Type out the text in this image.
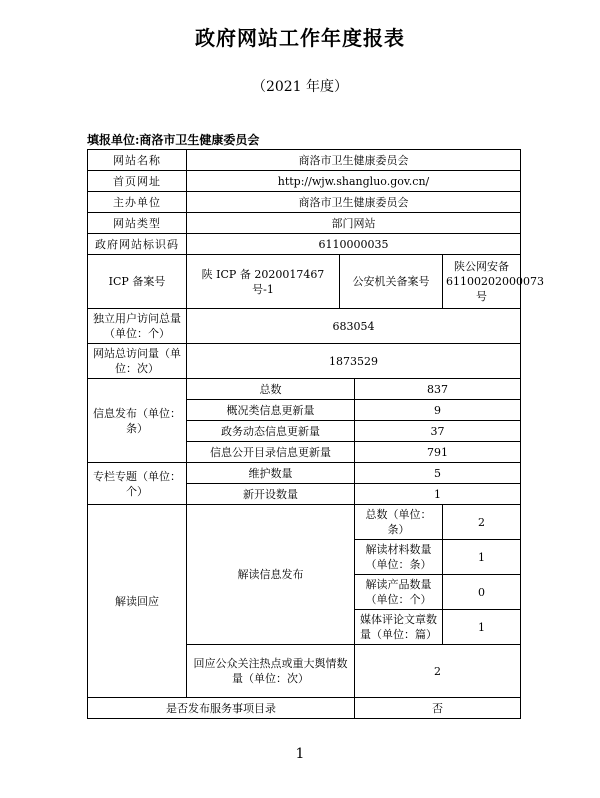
政府网站工作年度报表
（2021 年度）
填报单位:商洛市卫生健康委员会
网站名称	商洛市卫生健康委员会			
首页网址	http://wjw.shangluo.gov.cn/			
主办单位	商洛市卫生健康委员会			
网站类型	部门网站			
政府网站标识码	6110000035			
ICP 备案号	陕 ICP 备 2020017467 号-1	公安机关备案号		陕公网安备 61100202000073 号
独立用户访问总量（单位：个）	683054			
网站总访问量（单位：次）	1873529			
信息发布（单位：条）	总数		837	
	概况类信息更新量		9	
	政务动态信息更新量		37	
	信息公开目录信息更新量		791	
专栏专题（单位：个）	维护数量		5	
	新开设数量		1	
解读回应	解读信息发布		总数（单位：条）	2
			解读材料数量（单位：条）	1
			解读产品数量（单位：个）	0
			媒体评论文章数量（单位：篇）	1
	回应公众关注热点或重大舆情数量（单位：次）		2	
是否发布服务事项目录			否	
1
